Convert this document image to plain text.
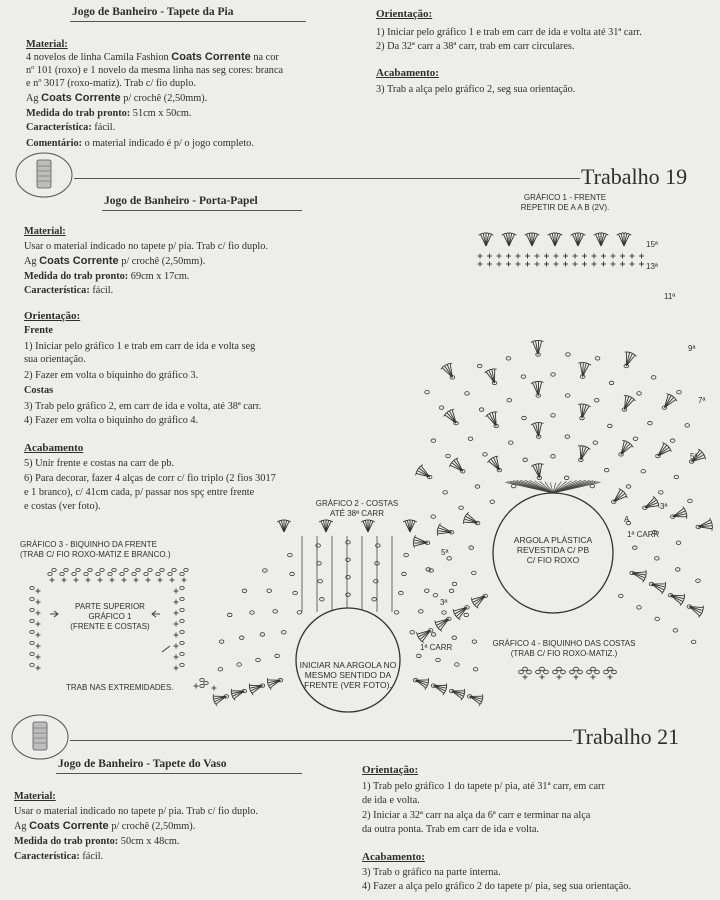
Jogo de Banheiro - Tapete da Pia
Material:
4 novelos de linha Camila Fashion Coats Corrente na cor
nº 101 (roxo) e 1 novelo da mesma linha nas seg cores: branca
e nº 3017 (roxo-matiz). Trab c/ fio duplo.
Ag Coats Corrente p/ crochê (2,50mm).
Medida do trab pronto: 51cm x 50cm.
Característica: fácil.
Comentário: o material indicado é p/ o jogo completo.
Orientação:
1) Iniciar pelo gráfico 1 e trab em carr de ida e volta até 31ª carr.
2) Da 32ª carr a 38ª carr, trab em carr circulares.
Acabamento:
3) Trab a alça pelo gráfico 2, seg sua orientação.
Trabalho 19
Jogo de Banheiro - Porta-Papel
Material:
Usar o material indicado no tapete p/ pia. Trab c/ fio duplo.
Ag Coats Corrente p/ crochê (2,50mm).
Medida do trab pronto: 69cm x 17cm.
Característica: fácil.
Orientação:
Frente
1) Iniciar pelo gráfico 1 e trab em carr de ida e volta seg
sua orientação.
2) Fazer em volta o biquinho do gráfico 3.
Costas
3) Trab pelo gráfico 2, em carr de ida e volta, até 38ª carr.
4) Fazer em volta o biquinho do gráfico 4.
Acabamento
5) Unir frente e costas na carr de pb.
6) Para decorar, fazer 4 alças de corr c/ fio triplo (2 fios 3017
e 1 branco), c/ 41cm cada, p/ passar nos spç entre frente
e costas (ver foto).
GRÁFICO 1 - FRENTE
REPETIR DE A A B (2V).
ARGOLA PLÁSTICA
REVESTIDA C/ PB
C/ FIO ROXO
15ª
13ª
11ª
9ª
7ª
5ª
3ª
1ª CARR
A
GRÁFICO 2 - COSTAS
ATÉ 38ª CARR
INICIAR NA ARGOLA NO
MESMO SENTIDO DA
FRENTE (VER FOTO).
5ª
3ª
1ª CARR
GRÁFICO 3 - BIQUINHO DA FRENTE
(TRAB C/ FIO ROXO-MATIZ E BRANCO.)
PARTE SUPERIOR
GRÁFICO 1
(FRENTE E COSTAS)
TRAB NAS EXTREMIDADES.
GRÁFICO 4 - BIQUINHO DAS COSTAS
(TRAB C/ FIO ROXO-MATIZ.)
Trabalho 21
Jogo de Banheiro - Tapete do Vaso
Material:
Usar o material indicado no tapete p/ pia. Trab c/ fio duplo.
Ag Coats Corrente p/ crochê (2,50mm).
Medida do trab pronto: 50cm x 48cm.
Característica: fácil.
Orientação:
1) Trab pelo gráfico 1 do tapete p/ pia, até 31ª carr, em carr
de ida e volta.
2) Iniciar a 32ª carr na alça da 6ª carr e terminar na alça
da outra ponta. Trab em carr de ida e volta.
Acabamento:
3) Trab o gráfico na parte interna.
4) Fazer a alça pelo gráfico 2 do tapete p/ pia, seg sua orientação.
